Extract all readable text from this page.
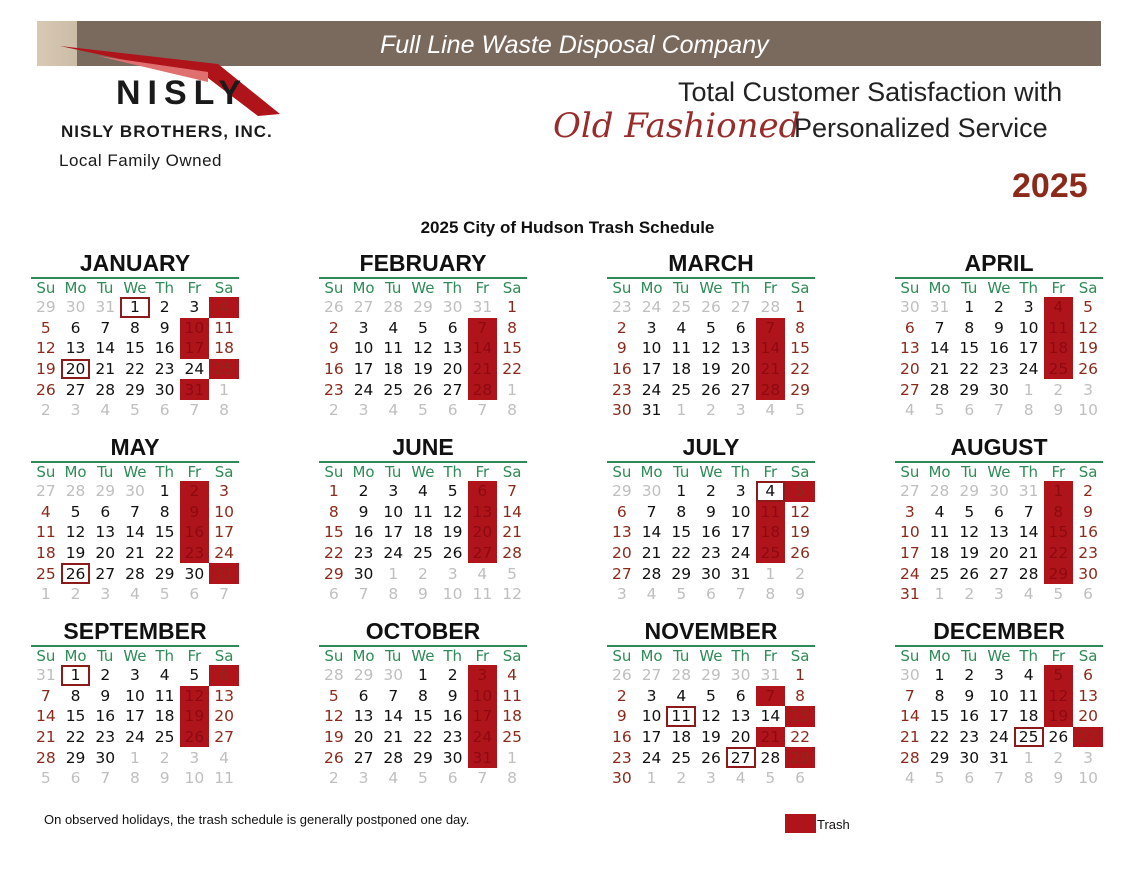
Full Line Waste Disposal Company
NISLY
NISLY BROTHERS, INC.
Local Family Owned
Total Customer Satisfaction with
Old Fashioned
Personalized Service
2025
2025 City of Hudson Trash Schedule
JANUARY
Su	Mo	Tu	We	Th	Fr	Sa
29	30	31	1	2	3	4
5	6	7	8	9	10	11
12	13	14	15	16	17	18
19	20	21	22	23	24	25
26	27	28	29	30	31	1
2	3	4	5	6	7	8
FEBRUARY
Su	Mo	Tu	We	Th	Fr	Sa
26	27	28	29	30	31	1
2	3	4	5	6	7	8
9	10	11	12	13	14	15
16	17	18	19	20	21	22
23	24	25	26	27	28	1
2	3	4	5	6	7	8
MARCH
Su	Mo	Tu	We	Th	Fr	Sa
23	24	25	26	27	28	1
2	3	4	5	6	7	8
9	10	11	12	13	14	15
16	17	18	19	20	21	22
23	24	25	26	27	28	29
30	31	1	2	3	4	5
APRIL
Su	Mo	Tu	We	Th	Fr	Sa
30	31	1	2	3	4	5
6	7	8	9	10	11	12
13	14	15	16	17	18	19
20	21	22	23	24	25	26
27	28	29	30	1	2	3
4	5	6	7	8	9	10
MAY
Su	Mo	Tu	We	Th	Fr	Sa
27	28	29	30	1	2	3
4	5	6	7	8	9	10
11	12	13	14	15	16	17
18	19	20	21	22	23	24
25	26	27	28	29	30	31
1	2	3	4	5	6	7
JUNE
Su	Mo	Tu	We	Th	Fr	Sa
1	2	3	4	5	6	7
8	9	10	11	12	13	14
15	16	17	18	19	20	21
22	23	24	25	26	27	28
29	30	1	2	3	4	5
6	7	8	9	10	11	12
JULY
Su	Mo	Tu	We	Th	Fr	Sa
29	30	1	2	3	4	5
6	7	8	9	10	11	12
13	14	15	16	17	18	19
20	21	22	23	24	25	26
27	28	29	30	31	1	2
3	4	5	6	7	8	9
AUGUST
Su	Mo	Tu	We	Th	Fr	Sa
27	28	29	30	31	1	2
3	4	5	6	7	8	9
10	11	12	13	14	15	16
17	18	19	20	21	22	23
24	25	26	27	28	29	30
31	1	2	3	4	5	6
SEPTEMBER
Su	Mo	Tu	We	Th	Fr	Sa
31	1	2	3	4	5	6
7	8	9	10	11	12	13
14	15	16	17	18	19	20
21	22	23	24	25	26	27
28	29	30	1	2	3	4
5	6	7	8	9	10	11
OCTOBER
Su	Mo	Tu	We	Th	Fr	Sa
28	29	30	1	2	3	4
5	6	7	8	9	10	11
12	13	14	15	16	17	18
19	20	21	22	23	24	25
26	27	28	29	30	31	1
2	3	4	5	6	7	8
NOVEMBER
Su	Mo	Tu	We	Th	Fr	Sa
26	27	28	29	30	31	1
2	3	4	5	6	7	8
9	10	11	12	13	14	15
16	17	18	19	20	21	22
23	24	25	26	27	28	29
30	1	2	3	4	5	6
DECEMBER
Su	Mo	Tu	We	Th	Fr	Sa
30	1	2	3	4	5	6
7	8	9	10	11	12	13
14	15	16	17	18	19	20
21	22	23	24	25	26	27
28	29	30	31	1	2	3
4	5	6	7	8	9	10
On observed holidays, the trash schedule is generally postponed one day.	Trash
